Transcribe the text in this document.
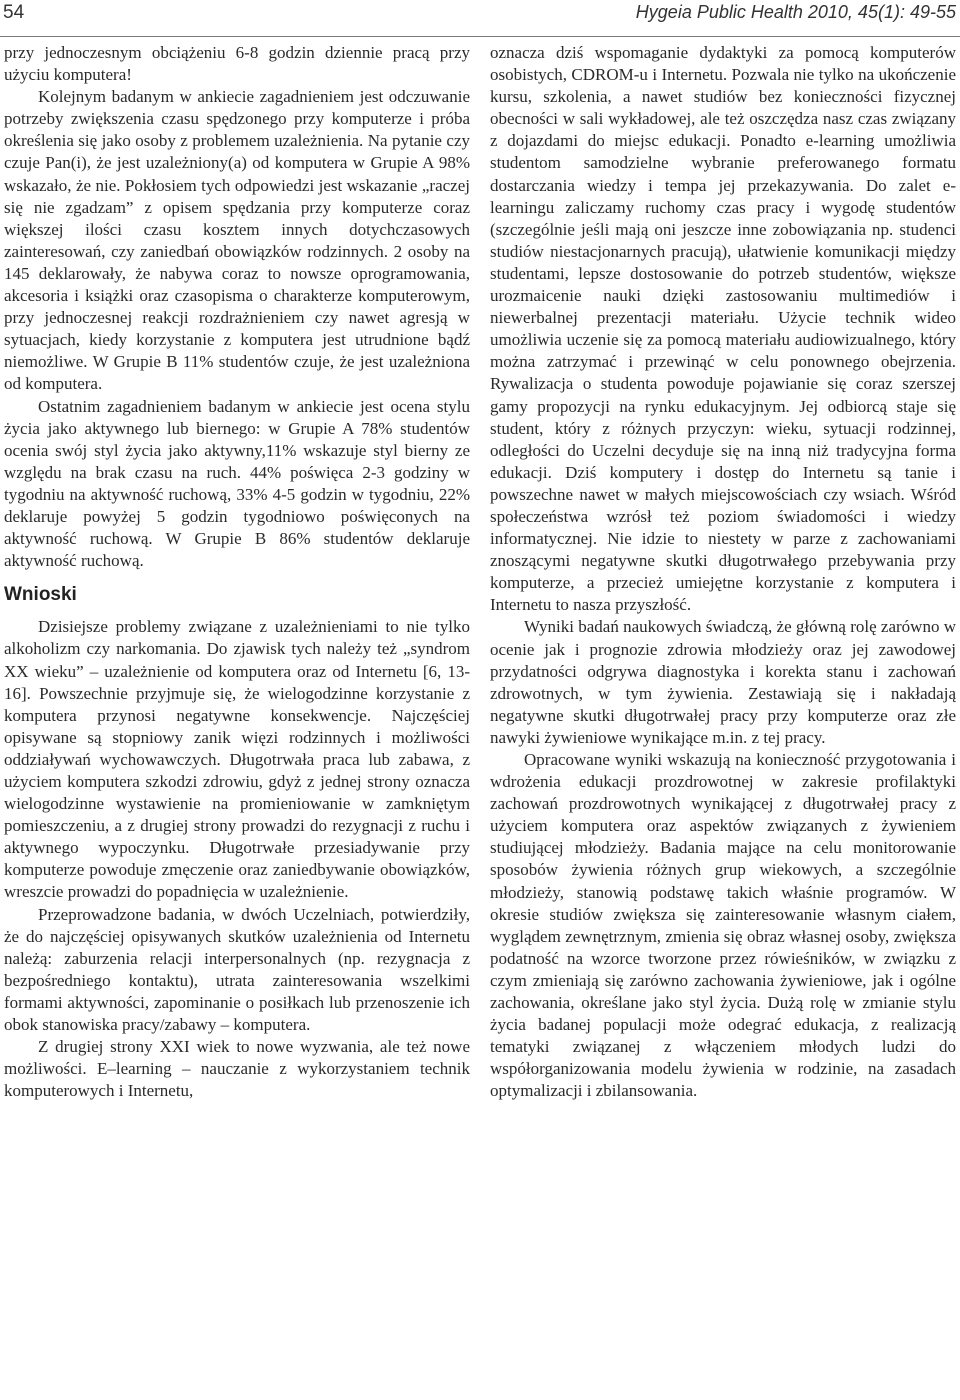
54	Hygeia Public Health 2010, 45(1): 49-55

przy jednoczesnym obciążeniu 6-8 godzin dziennie pracą przy użyciu komputera!

Kolejnym badanym w ankiecie zagadnieniem jest odczuwanie potrzeby zwiększenia czasu spędzonego przy komputerze i próba określenia się jako osoby z problemem uzależnienia. Na pytanie czy czuje Pan(i), że jest uzależniony(a) od komputera w Grupie A 98% wskazało, że nie. Pokłosiem tych odpowiedzi jest wskazanie „raczej się nie zgadzam” z opisem spędzania przy komputerze coraz większej ilości czasu kosztem innych dotychczasowych zainteresowań, czy zaniedbań obowiązków rodzinnych. 2 osoby na 145 deklarowały, że nabywa coraz to nowsze oprogramowania, akcesoria i książki oraz czasopisma o charakterze komputerowym, przy jednoczesnej reakcji rozdrażnieniem czy nawet agresją w sytuacjach, kiedy korzystanie z komputera jest utrudnione bądź niemożliwe. W Grupie B 11% studentów czuje, że jest uzależniona od komputera.

Ostatnim zagadnieniem badanym w ankiecie jest ocena stylu życia jako aktywnego lub biernego: w Grupie A 78% studentów ocenia swój styl życia jako aktywny,11% wskazuje styl bierny ze względu na brak czasu na ruch. 44% poświęca 2-3 godziny w tygodniu na aktywność ruchową, 33% 4-5 godzin w tygodniu, 22% deklaruje powyżej 5 godzin tygodniowo poświęconych na aktywność ruchową. W Grupie B 86% studentów deklaruje aktywność ruchową.

Wnioski

Dzisiejsze problemy związane z uzależnieniami to nie tylko alkoholizm czy narkomania. Do zjawisk tych należy też „syndrom XX wieku” – uzależnienie od komputera oraz od Internetu [6, 13-16]. Powszechnie przyjmuje się, że wielogodzinne korzystanie z komputera przynosi negatywne konsekwencje. Najczęściej opisywane są stopniowy zanik więzi rodzinnych i możliwości oddziaływań wychowawczych. Długotrwała praca lub zabawa, z użyciem komputera szkodzi zdrowiu, gdyż z jednej strony oznacza wielogodzinne wystawienie na promieniowanie w zamkniętym pomieszczeniu, a z drugiej strony prowadzi do rezygnacji z ruchu i aktywnego wypoczynku. Długotrwałe przesiadywanie przy komputerze powoduje zmęczenie oraz zaniedbywanie obowiązków, wreszcie prowadzi do popadnięcia w uzależnienie.

Przeprowadzone badania, w dwóch Uczelniach, potwierdziły, że do najczęściej opisywanych skutków uzależnienia od Internetu należą: zaburzenia relacji interpersonalnych (np. rezygnacja z bezpośredniego kontaktu), utrata zainteresowania wszelkimi formami aktywności, zapominanie o posiłkach lub przenoszenie ich obok stanowiska pracy/zabawy – komputera.

Z drugiej strony XXI wiek to nowe wyzwania, ale też nowe możliwości. E–learning – nauczanie z wykorzystaniem technik komputerowych i Internetu,

oznacza dziś wspomaganie dydaktyki za pomocą komputerów osobistych, CDROM-u i Internetu. Pozwala nie tylko na ukończenie kursu, szkolenia, a nawet studiów bez konieczności fizycznej obecności w sali wykładowej, ale też oszczędza nasz czas związany z dojazdami do miejsc edukacji. Ponadto e-learning umożliwia studentom samodzielne wybranie preferowanego formatu dostarczania wiedzy i tempa jej przekazywania. Do zalet e-learningu zaliczamy ruchomy czas pracy i wygodę studentów (szczególnie jeśli mają oni jeszcze inne zobowiązania np. studenci studiów niestacjonarnych pracują), ułatwienie komunikacji między studentami, lepsze dostosowanie do potrzeb studentów, większe urozmaicenie nauki dzięki zastosowaniu multimediów i niewerbalnej prezentacji materiału. Użycie technik wideo umożliwia uczenie się za pomocą materiału audiowizualnego, który można zatrzymać i przewinąć w celu ponownego obejrzenia. Rywalizacja o studenta powoduje pojawianie się coraz szerszej gamy propozycji na rynku edukacyjnym. Jej odbiorcą staje się student, który z różnych przyczyn: wieku, sytuacji rodzinnej, odległości do Uczelni decyduje się na inną niż tradycyjna forma edukacji. Dziś komputery i dostęp do Internetu są tanie i powszechne nawet w małych miejscowościach czy wsiach. Wśród społeczeństwa wzrósł też poziom świadomości i wiedzy informatycznej. Nie idzie to niestety w parze z zachowaniami znoszącymi negatywne skutki długotrwałego przebywania przy komputerze, a przecież umiejętne korzystanie z komputera i Internetu to nasza przyszłość.

Wyniki badań naukowych świadczą, że główną rolę zarówno w ocenie jak i prognozie zdrowia młodzieży oraz jej zawodowej przydatności odgrywa diagnostyka i korekta stanu i zachowań zdrowotnych, w tym żywienia. Zestawiają się i nakładają negatywne skutki długotrwałej pracy przy komputerze oraz złe nawyki żywieniowe wynikające m.in. z tej pracy.

Opracowane wyniki wskazują na konieczność przygotowania i wdrożenia edukacji prozdrowotnej w zakresie profilaktyki zachowań prozdrowotnych wynikającej z długotrwałej pracy z użyciem komputera oraz aspektów związanych z żywieniem studiującej młodzieży. Badania mające na celu monitorowanie sposobów żywienia różnych grup wiekowych, a szczególnie młodzieży, stanowią podstawę takich właśnie programów. W okresie studiów zwiększa się zainteresowanie własnym ciałem, wyglądem zewnętrznym, zmienia się obraz własnej osoby, zwiększa podatność na wzorce tworzone przez rówieśników, w związku z czym zmieniają się zarówno zachowania żywieniowe, jak i ogólne zachowania, określane jako styl życia. Dużą rolę w zmianie stylu życia badanej populacji może odegrać edukacja, z realizacją tematyki związanej z włączeniem młodych ludzi do współorganizowania modelu żywienia w rodzinie, na zasadach optymalizacji i zbilansowania.
